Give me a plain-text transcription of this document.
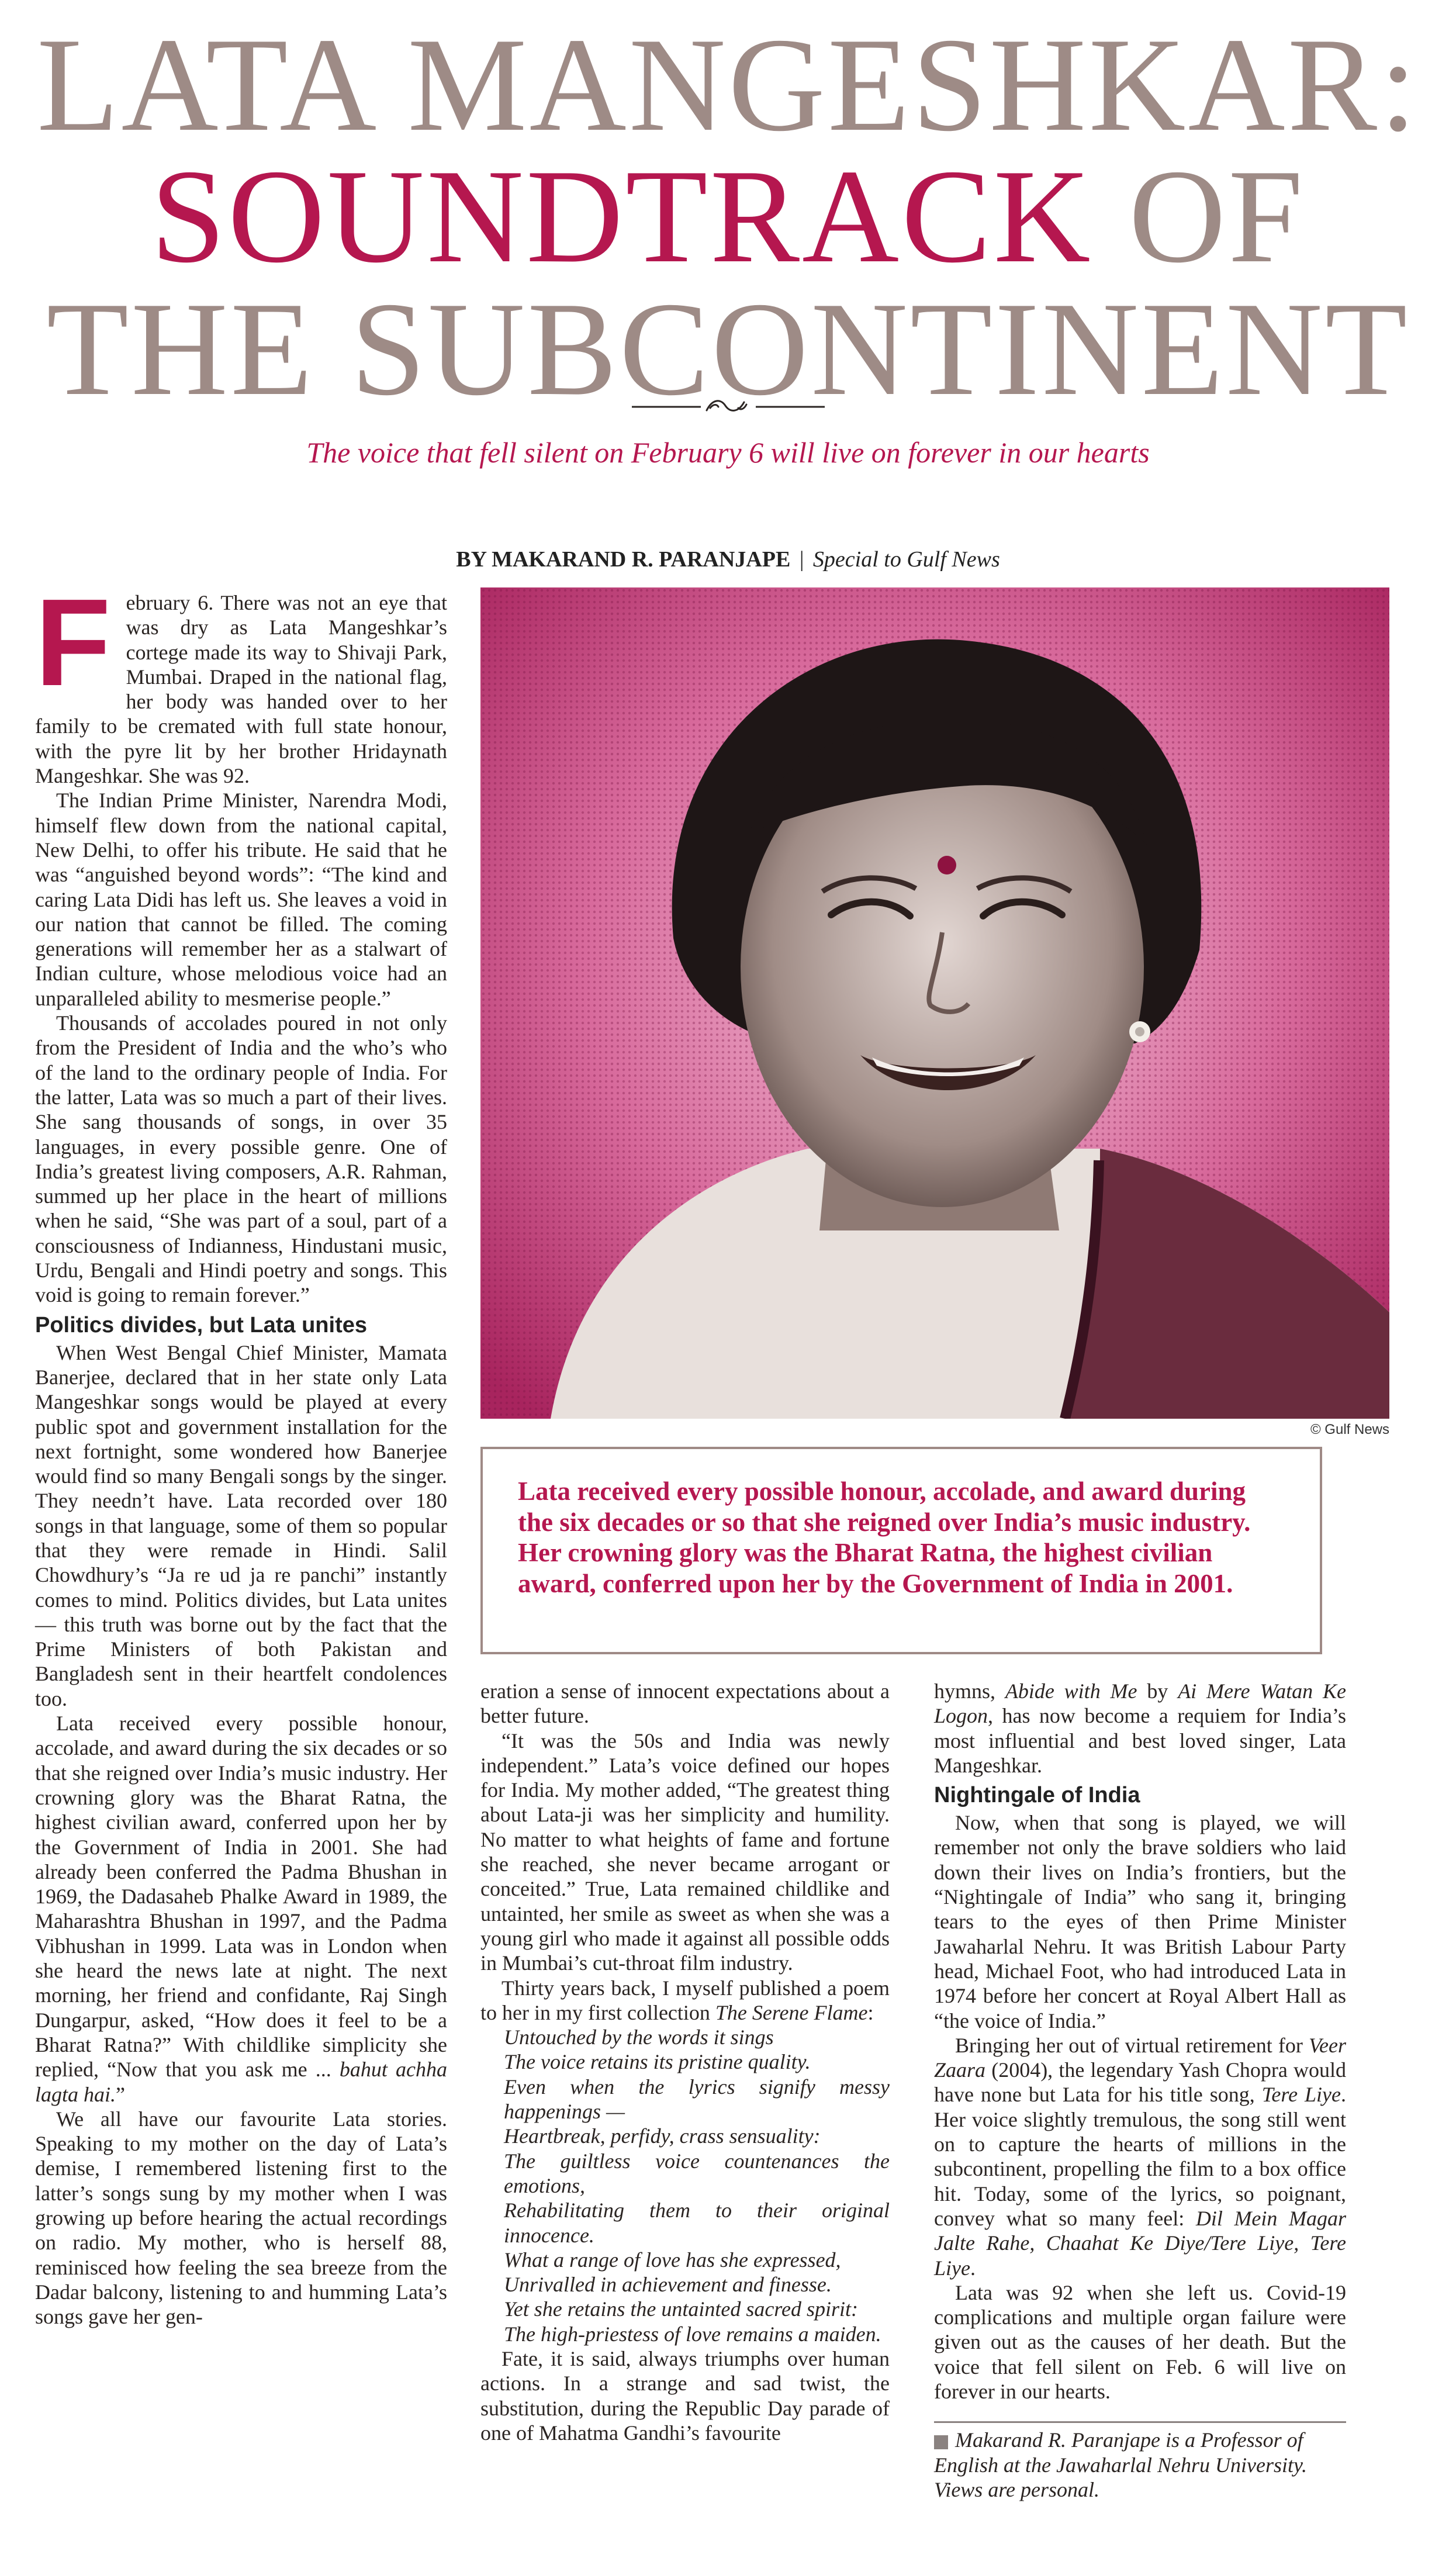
LATA MANGESHKAR:
SOUNDTRACK OF
THE SUBCONTINENT
The voice that fell silent on February 6 will live on forever in our hearts
BY MAKARAND R. PARANJAPE | Special to Gulf News

February 6. There was not an eye that was dry as Lata Mangeshkar’s cortege made its way to Shivaji Park, Mumbai. Draped in the national flag, her body was handed over to her family to be cremated with full state honour, with the pyre lit by her brother Hridaynath Mangeshkar. She was 92.

The Indian Prime Minister, Narendra Modi, himself flew down from the national capital, New Delhi, to offer his tribute. He said that he was “anguished beyond words”: “The kind and caring Lata Didi has left us. She leaves a void in our nation that cannot be filled. The coming generations will remember her as a stalwart of Indian culture, whose melodious voice had an unparalleled ability to mesmerise people.”

Thousands of accolades poured in not only from the President of India and the who’s who of the land to the ordinary people of India. For the latter, Lata was so much a part of their lives. She sang thousands of songs, in over 35 languages, in every possible genre. One of India’s greatest living composers, A.R. Rahman, summed up her place in the heart of millions when he said, “She was part of a soul, part of a consciousness of Indianness, Hindustani music, Urdu, Bengali and Hindi poetry and songs. This void is going to remain forever.”

Politics divides, but Lata unites

When West Bengal Chief Minister, Mamata Banerjee, declared that in her state only Lata Mangeshkar songs would be played at every public spot and government installation for the next fortnight, some wondered how Banerjee would find so many Bengali songs by the singer. They needn’t have. Lata recorded over 180 songs in that language, some of them so popular that they were remade in Hindi. Salil Chowdhury’s “Ja re ud ja re panchi” instantly comes to mind. Politics divides, but Lata unites — this truth was borne out by the fact that the Prime Ministers of both Pakistan and Bangladesh sent in their heartfelt condolences too.

Lata received every possible honour, accolade, and award during the six decades or so that she reigned over India’s music industry. Her crowning glory was the Bharat Ratna, the highest civilian award, conferred upon her by the Government of India in 2001. She had already been conferred the Padma Bhushan in 1969, the Dadasaheb Phalke Award in 1989, the Maharashtra Bhushan in 1997, and the Padma Vibhushan in 1999. Lata was in London when she heard the news late at night. The next morning, her friend and confidante, Raj Singh Dungarpur, asked, “How does it feel to be a Bharat Ratna?” With childlike simplicity she replied, “Now that you ask me ... bahut achha lagta hai.”

We all have our favourite Lata stories. Speaking to my mother on the day of Lata’s demise, I remembered listening first to the latter’s songs sung by my mother when I was growing up before hearing the actual recordings on radio. My mother, who is herself 88, reminisced how feeling the sea breeze from the Dadar balcony, listening to and humming Lata’s songs gave her gen-

© Gulf News

Lata received every possible honour, accolade, and award during the six decades or so that she reigned over India’s music industry. Her crowning glory was the Bharat Ratna, the highest civilian award, conferred upon her by the Government of India in 2001.

eration a sense of innocent expectations about a better future.

“It was the 50s and India was newly independent.” Lata’s voice defined our hopes for India. My mother added, “The greatest thing about Lata-ji was her simplicity and humility. No matter to what heights of fame and fortune she reached, she never became arrogant or conceited.” True, Lata remained childlike and untainted, her smile as sweet as when she was a young girl who made it against all possible odds in Mumbai’s cut-throat film industry.

Thirty years back, I myself published a poem to her in my first collection The Serene Flame:

Untouched by the words it sings
The voice retains its pristine quality.
Even when the lyrics signify messy happenings —
Heartbreak, perfidy, crass sensuality:
The guiltless voice countenances the emotions,
Rehabilitating them to their original innocence.
What a range of love has she expressed,
Unrivalled in achievement and finesse.
Yet she retains the untainted sacred spirit:
The high-priestess of love remains a maiden.

Fate, it is said, always triumphs over human actions. In a strange and sad twist, the substitution, during the Republic Day parade of one of Mahatma Gandhi’s favourite

hymns, Abide with Me by Ai Mere Watan Ke Logon, has now become a requiem for India’s most influential and best loved singer, Lata Mangeshkar.

Nightingale of India

Now, when that song is played, we will remember not only the brave soldiers who laid down their lives on India’s frontiers, but the “Nightingale of India” who sang it, bringing tears to the eyes of then Prime Minister Jawaharlal Nehru. It was British Labour Party head, Michael Foot, who had introduced Lata in 1974 before her concert at Royal Albert Hall as “the voice of India.”

Bringing her out of virtual retirement for Veer Zaara (2004), the legendary Yash Chopra would have none but Lata for his title song, Tere Liye. Her voice slightly tremulous, the song still went on to capture the hearts of millions in the subcontinent, propelling the film to a box office hit. Today, some of the lyrics, so poignant, convey what so many feel: Dil Mein Magar Jalte Rahe, Chaahat Ke Diye/Tere Liye, Tere Liye.

Lata was 92 when she left us. Covid-19 complications and multiple organ failure were given out as the causes of her death. But the voice that fell silent on Feb. 6 will live on forever in our hearts.

Makarand R. Paranjape is a Professor of English at the Jawaharlal Nehru University. Views are personal.
